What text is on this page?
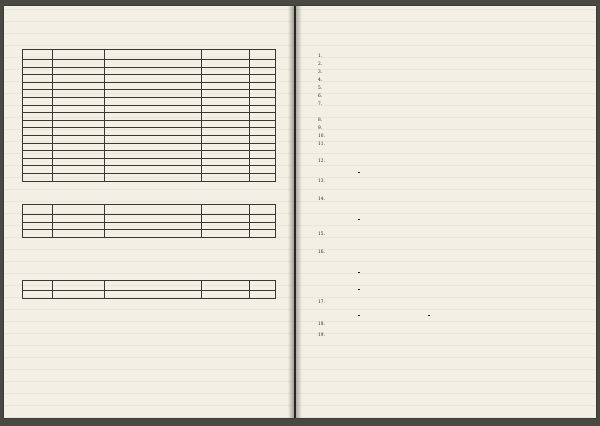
1.
2.
3.
4.
5.
6.
7.
8.
9.
10.
11.
12.
13.
14.
15.
16.
17.
18.
19.
